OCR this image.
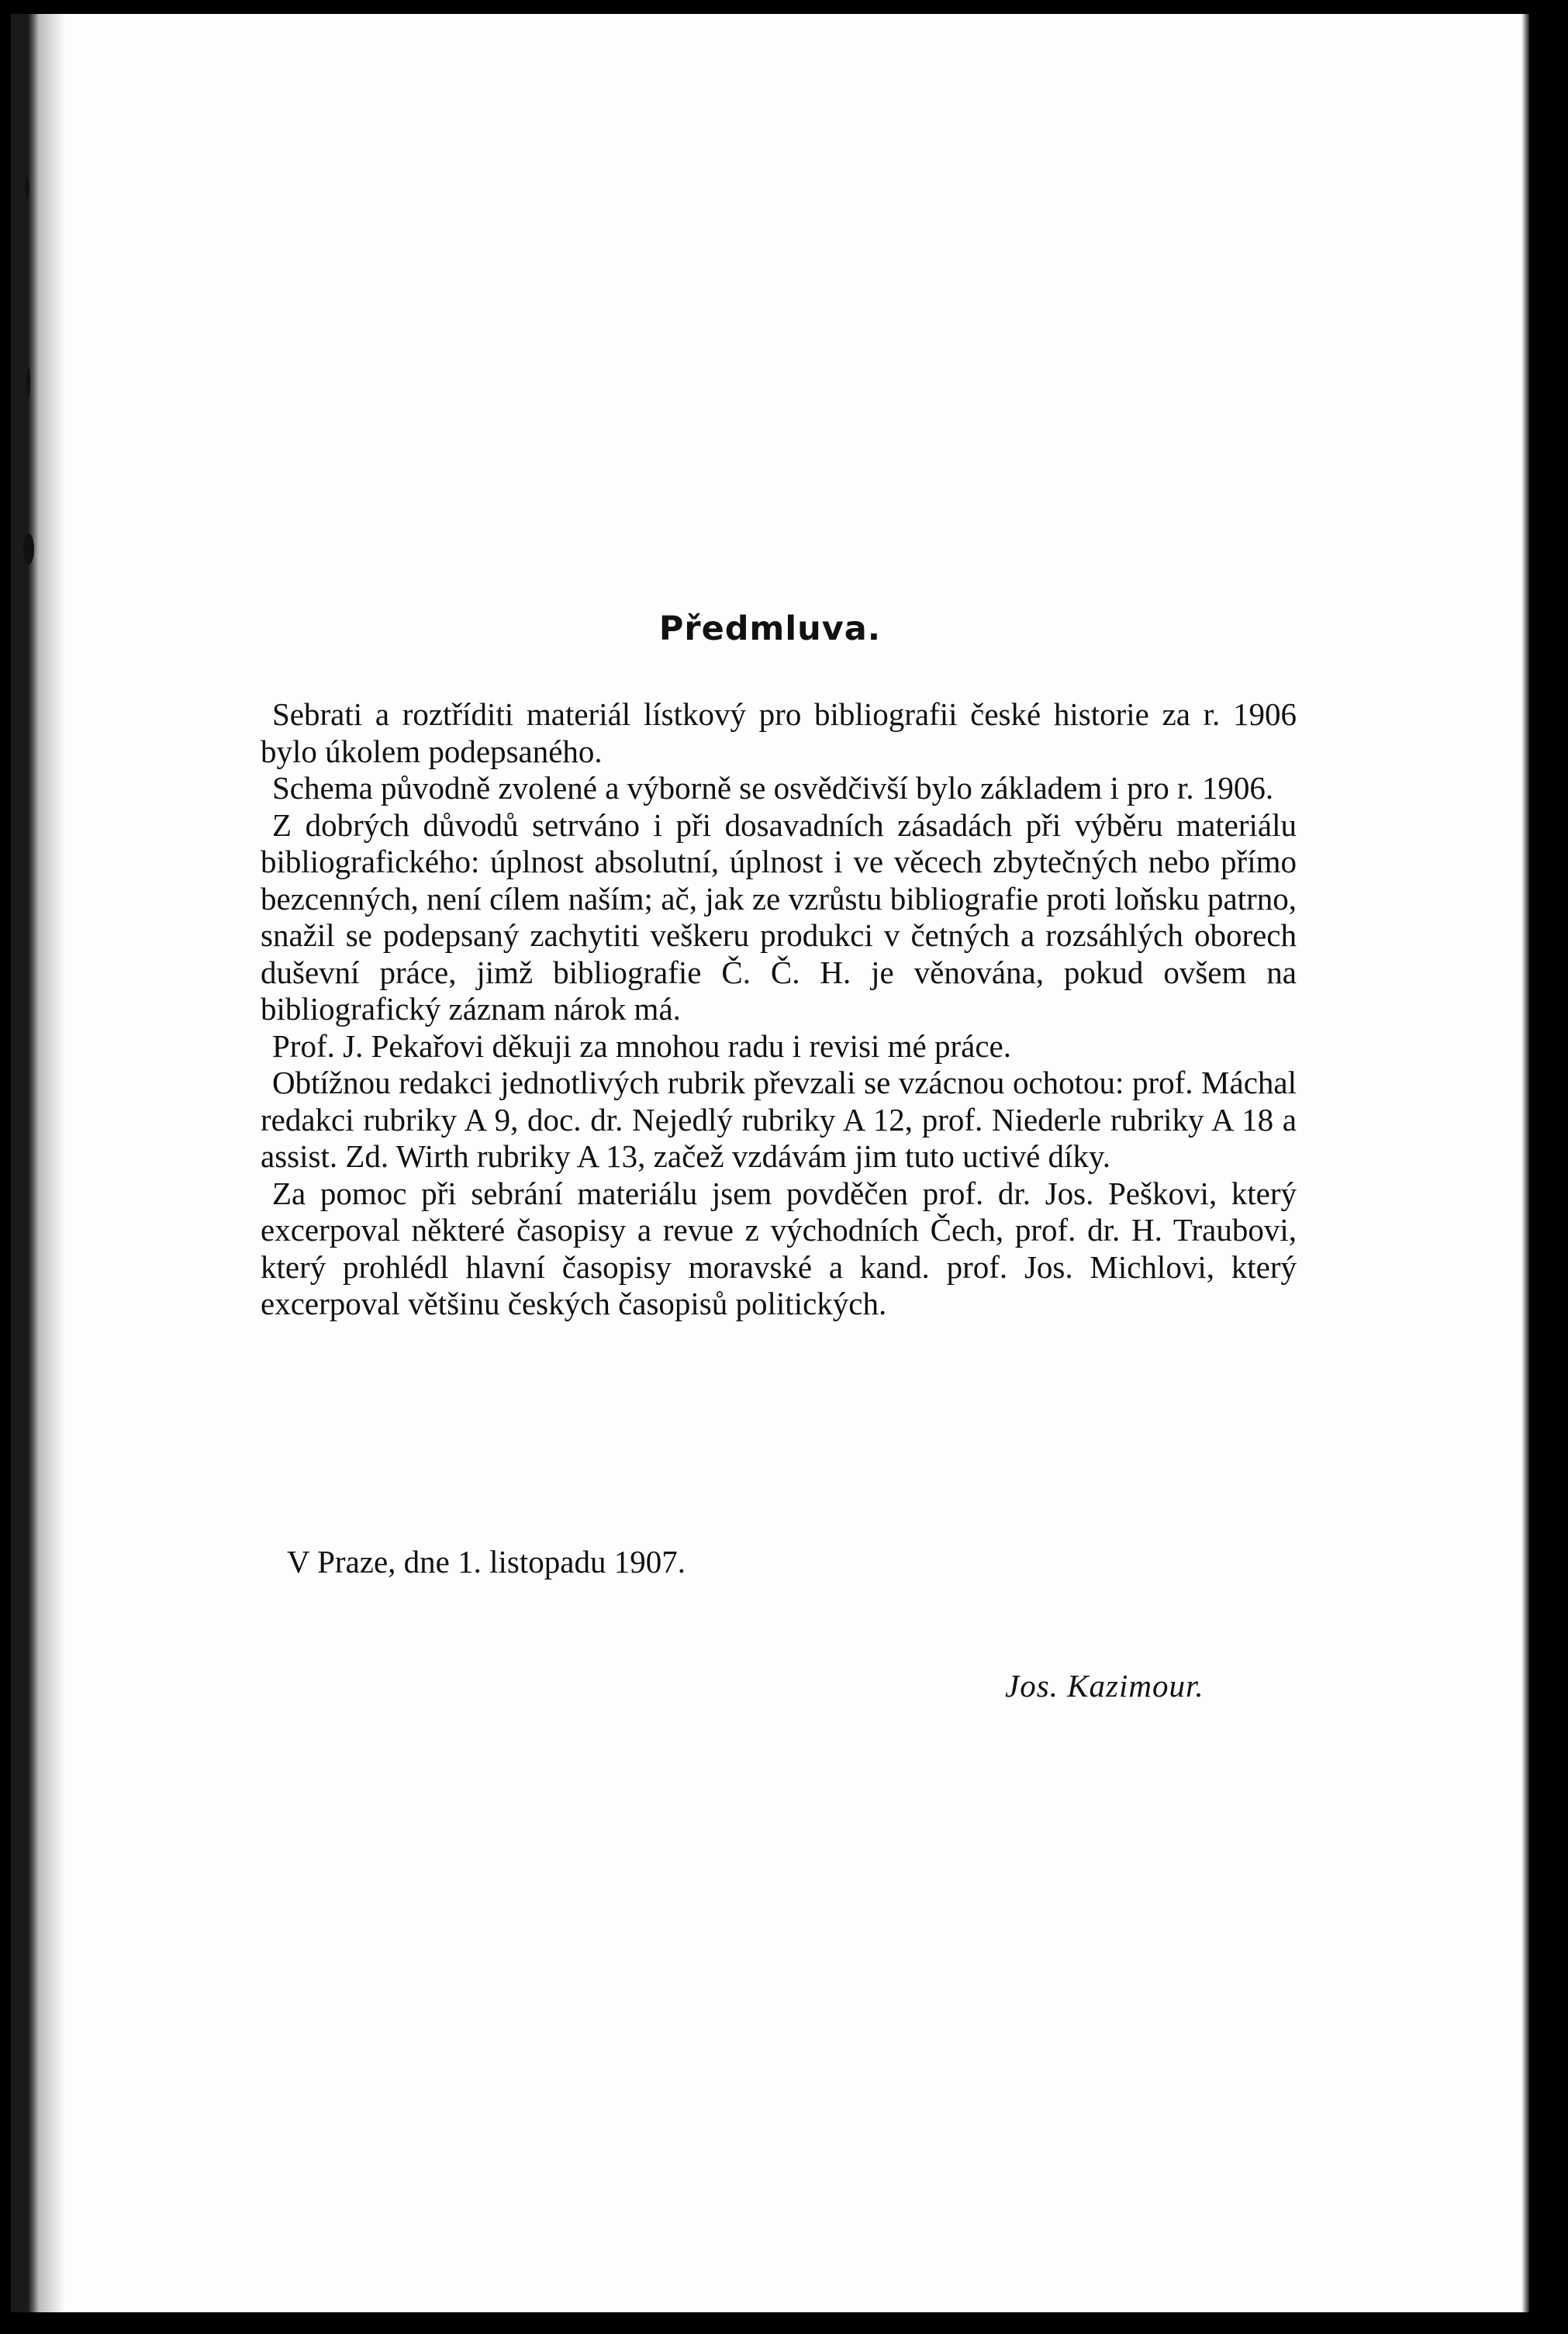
Předmluva.

Sebrati a roztříditi materiál lístkový pro bibliografii české historie za r. 1906 bylo úkolem podepsaného.

Schema původně zvolené a výborně se osvědčivší bylo základem i pro r. 1906.

Z dobrých důvodů setrváno i při dosavadních zásadách při výběru materiálu bibliografického: úplnost absolutní, úplnost i ve věcech zbytečných nebo přímo bezcenných, není cílem naším; ač, jak ze vzrůstu bibliografie proti loňsku patrno, snažil se podepsaný zachytiti veškeru produkci v četných a rozsáhlých oborech duševní práce, jimž bibliografie Č. Č. H. je věnována, pokud ovšem na bibliografický záznam nárok má.

Prof. J. Pekařovi děkuji za mnohou radu i revisi mé práce.

Obtížnou redakci jednotlivých rubrik převzali se vzácnou ochotou: prof. Máchal redakci rubriky A 9, doc. dr. Nejedlý rubriky A 12, prof. Niederle rubriky A 18 a assist. Zd. Wirth rubriky A 13, začež vzdávám jim tuto uctivé díky.

Za pomoc při sebrání materiálu jsem povděčen prof. dr. Jos. Peškovi, který excerpoval některé časopisy a revue z východních Čech, prof. dr. H. Traubovi, který prohlédl hlavní časopisy moravské a kand. prof. Jos. Michlovi, který excerpoval většinu českých časopisů politických.

V Praze, dne 1. listopadu 1907.

Jos. Kazimour.
